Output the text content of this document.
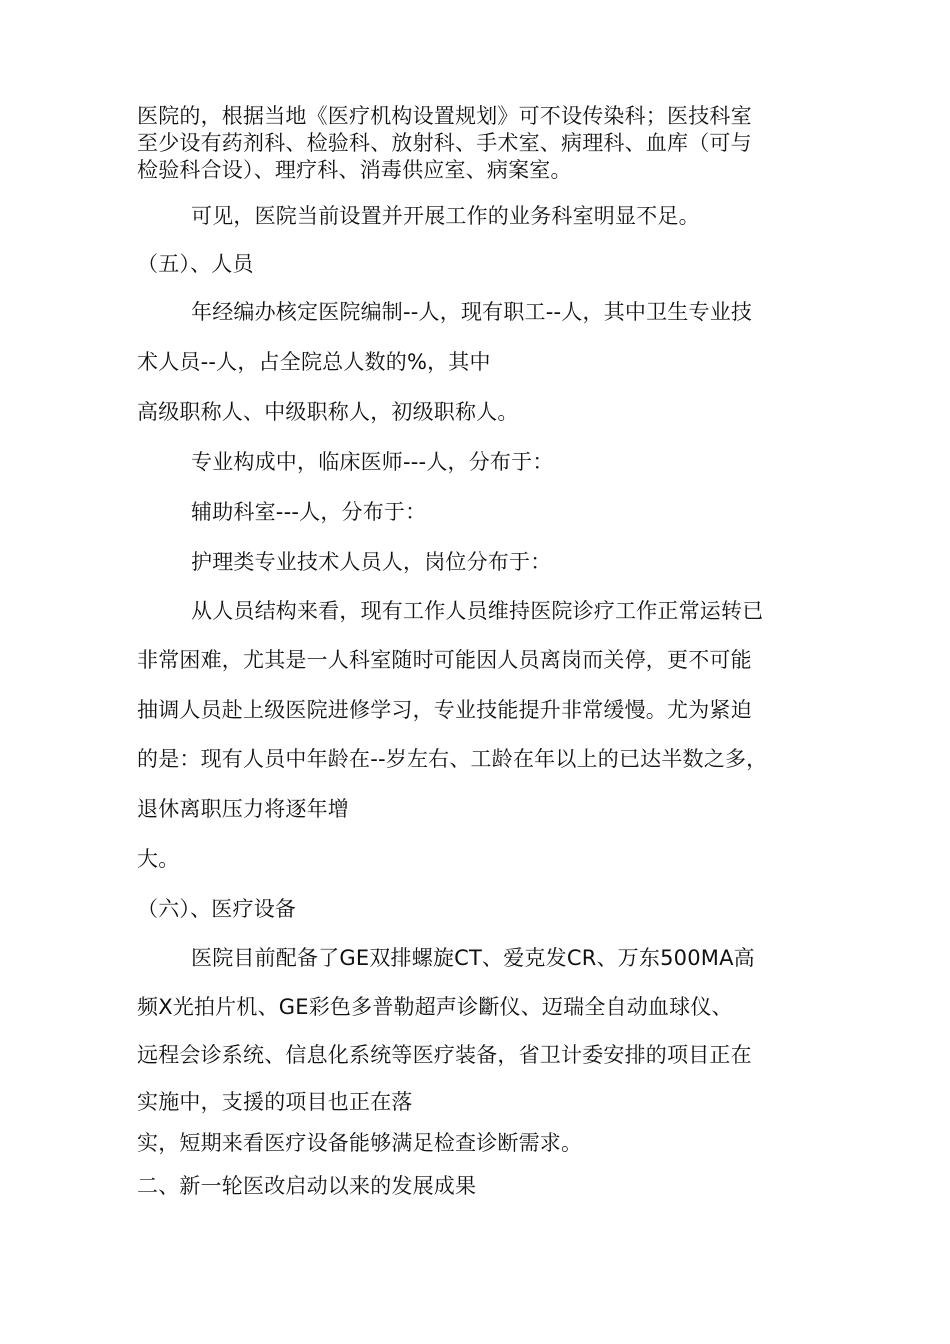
医院的，根据当地《医疗机构设置规划》可不设传染科；医技科室
至少设有药剂科、检验科、放射科、手术室、病理科、血库（可与
检验科合设）、理疗科、消毒供应室、病案室。
可见，医院当前设置并开展工作的业务科室明显不足。
（五）、人员
年经编办核定医院编制--人，现有职工--人，其中卫生专业技
术人员--人，占全院总人数的%，其中
高级职称人、中级职称人，初级职称人。
专业构成中，临床医师---人，分布于：
辅助科室---人，分布于：
护理类专业技术人员人，岗位分布于：
从人员结构来看，现有工作人员维持医院诊疗工作正常运转已
非常困难，尤其是一人科室随时可能因人员离岗而关停，更不可能
抽调人员赴上级医院进修学习，专业技能提升非常缓慢。尤为紧迫
的是：现有人员中年龄在--岁左右、工龄在年以上的已达半数之多，
退休离职压力将逐年增
大。
（六）、医疗设备
医院目前配备了GE双排螺旋CT、爱克发CR、万东500MA高
频X光拍片机、GE彩色多普勒超声诊斷仪、迈瑞全自动血球仪、
远程会诊系统、信息化系统等医疗装备，省卫计委安排的项目正在
实施中，支援的项目也正在落
实，短期来看医疗设备能够满足检查诊断需求。
二、新一轮医改启动以来的发展成果
